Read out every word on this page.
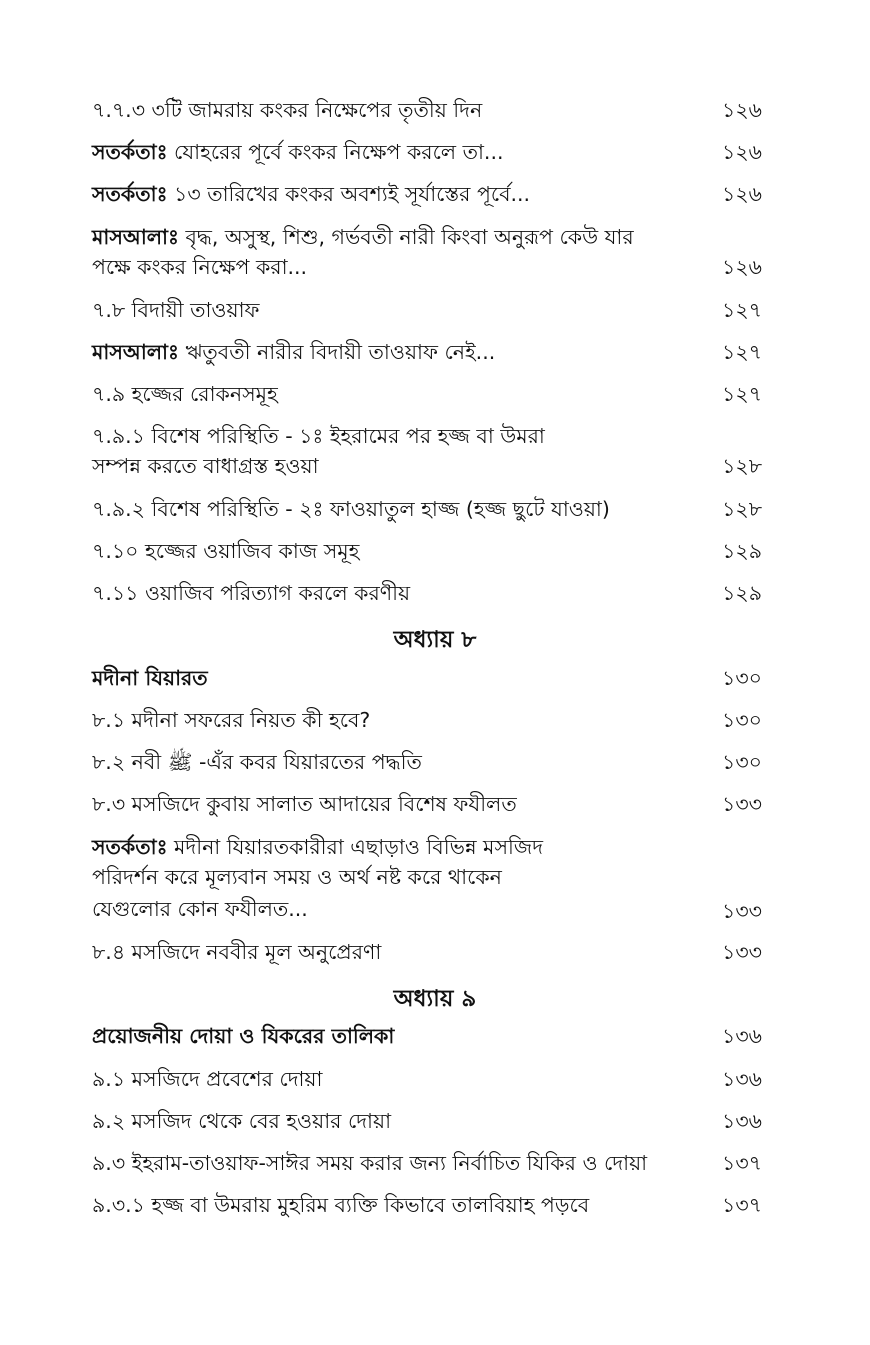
৭.৭.৩ ৩টি জামরায় কংকর নিক্ষেপের তৃতীয় দিন	১২৬
সতর্কতাঃ যোহরের পূর্বে কংকর নিক্ষেপ করলে তা...	১২৬
সতর্কতাঃ ১৩ তারিখের কংকর অবশ্যই সূর্যাস্তের পূর্বে...	১২৬
মাসআলাঃ বৃদ্ধ, অসুস্থ, শিশু, গর্ভবতী নারী কিংবা অনুরূপ কেউ যার
পক্ষে কংকর নিক্ষেপ করা...	১২৬
৭.৮ বিদায়ী তাওয়াফ	১২৭
মাসআলাঃ ঋতুবতী নারীর বিদায়ী তাওয়াফ নেই...	১২৭
৭.৯ হজ্জের রোকনসমূহ	১২৭
৭.৯.১ বিশেষ পরিস্থিতি - ১ঃ ইহরামের পর হজ্জ বা উমরা
সম্পন্ন করতে বাধাগ্রস্ত হওয়া	১২৮
৭.৯.২ বিশেষ পরিস্থিতি - ২ঃ ফাওয়াতুল হাজ্জ (হজ্জ ছুটে যাওয়া)	১২৮
৭.১০ হজ্জের ওয়াজিব কাজ সমূহ	১২৯
৭.১১ ওয়াজিব পরিত্যাগ করলে করণীয়	১২৯
অধ্যায় ৮
মদীনা যিয়ারত	১৩০
৮.১ মদীনা সফরের নিয়ত কী হবে?	১৩০
৮.২ নবী ﷺ -এঁর কবর যিয়ারতের পদ্ধতি	১৩০
৮.৩ মসজিদে কুবায় সালাত আদায়ের বিশেষ ফযীলত	১৩৩
সতর্কতাঃ মদীনা যিয়ারতকারীরা এছাড়াও বিভিন্ন মসজিদ
পরিদর্শন করে মূল্যবান সময় ও অর্থ নষ্ট করে থাকেন
যেগুলোর কোন ফযীলত...	১৩৩
৮.৪ মসজিদে নববীর মূল অনুপ্রেরণা	১৩৩
অধ্যায় ৯
প্রয়োজনীয় দোয়া ও যিকরের তালিকা	১৩৬
৯.১ মসজিদে প্রবেশের দোয়া	১৩৬
৯.২ মসজিদ থেকে বের হওয়ার দোয়া	১৩৬
৯.৩ ইহরাম-তাওয়াফ-সাঈর সময় করার জন্য নির্বাচিত যিকির ও দোয়া	১৩৭
৯.৩.১ হজ্জ বা উমরায় মুহরিম ব্যক্তি কিভাবে তালবিয়াহ পড়বে	১৩৭
